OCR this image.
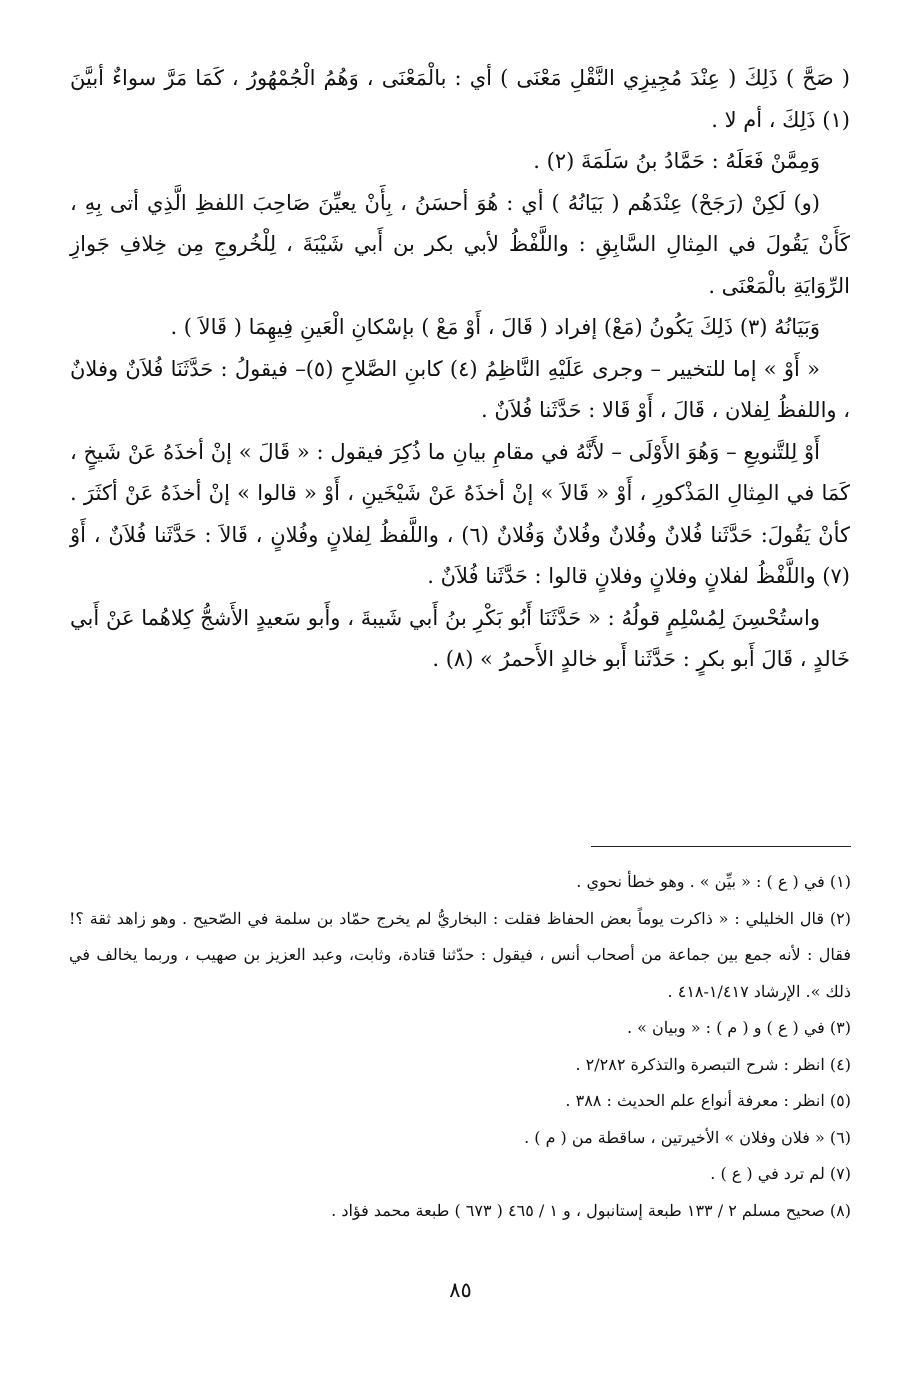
( صَحَّ ) ذَلِكَ ( عِنْدَ مُجِيزِي النَّقْلِ مَعْنَى ) أي : بالْمَعْنَى ، وَهُمُ الْجُمْهُورُ ، كَمَا مَرَّ سواءٌ أبيَّنَ (١) ذَلِكَ ، أم لا .

وَمِمَّنْ فَعَلَهُ : حَمَّادُ بنُ سَلَمَةَ (٢) .

(و) لَكِنْ (رَجَحْ) عِنْدَهُم ( بَيَانُهُ ) أي : هُوَ أحسَنُ ، بِأَنْ يعيِّنَ صَاحِبَ اللفظِ الَّذِي أتى بِهِ ، كَأَنْ يَقُولَ في المِثالِ السَّابِقِ : واللَّفْظُ لأبي بكر بن أَبي شَيْبَةَ ، لِلْخُروجِ مِن خِلافِ جَوازِ الرِّوَايَةِ بالْمَعْنَى .

وَبَيَانُهُ (٣) ذَلِكَ يَكُونُ (مَعْ) إفراد ( قَالَ ، أَوْ مَعْ ) بإسْكانِ الْعَينِ فِيهِمَا ( قَالاَ ) .

« أَوْ » إما للتخيير – وجرى عَلَيْهِ النَّاظِمُ (٤) كابنِ الصَّلاحِ (٥)– فيقولُ : حَدَّثَنَا فُلاَنٌ وفلانٌ ، واللفظُ لِفلان ، قَالَ ، أَوْ قَالا : حَدَّثَنا فُلاَنٌ .

أَوْ لِلتَّنويعِ – وَهُوَ الأَوْلَى – لأَنَّهُ في مقامِ بيانِ ما ذُكِرَ فيقول : « قَالَ » إنْ أخذَهُ عَنْ شَيخٍ ، كَمَا في المِثالِ المَذْكورِ ، أَوْ « قَالاَ » إنْ أخذَهُ عَنْ شَيْخَينِ ، أَوْ « قالوا » إنْ أخذَهُ عَنْ أكثَرَ . كأنْ يَقُولَ: حَدَّثَنا فُلانٌ وفُلانٌ وفُلانٌ وَفُلانٌ (٦) ، واللَّفظُ لِفلانٍ وفُلانٍ ، قَالاَ : حَدَّثَنا فُلاَنٌ ، أَوْ (٧) واللَّفْظُ لفلانٍ وفلانٍ وفلانٍ قالوا : حَدَّثَنا فُلاَنٌ .

واستُحْسِنَ لِمُسْلِمٍ قولُهُ : « حَدَّثَنَا أَبُو بَكْرِ بنُ أَبي شَيبةَ ، وأَبو سَعيدٍ الأَشجُّ كِلاهُما عَنْ أَبي خَالدٍ ، قَالَ أَبو بكرٍ : حَدَّثَنا أَبو خالدٍ الأَحمرُ » (٨) .

(١) في ( ع ) : « بيِّن » . وهو خطأ نحوي .

(٢) قال الخليلي : « ذاكرت يوماً بعض الحفاظ فقلت : البخاريُّ لم يخرج حمّاد بن سلمة في الصّحيح . وهو زاهد ثقة ؟! فقال : لأنه جمع بين جماعة من أصحاب أنس ، فيقول : حدّثنا قتادة، وثابت، وعبد العزيز بن صهيب ، وربما يخالف في ذلك ». الإرشاد ١/٤١٧-٤١٨ .

(٣) في ( ع ) و ( م ) : « وبيان » .

(٤) انظر : شرح التبصرة والتذكرة ٢/٢٨٢ .

(٥) انظر : معرفة أنواع علم الحديث : ٣٨٨ .

(٦) « فلان وفلان » الأخيرتين ، ساقطة من ( م ) .

(٧) لم ترد في ( ع ) .

(٨) صحيح مسلم ٢ / ١٣٣ طبعة إستانبول ، و ١ / ٤٦٥ ( ٦٧٣ ) طبعة محمد فؤاد .

٨٥
